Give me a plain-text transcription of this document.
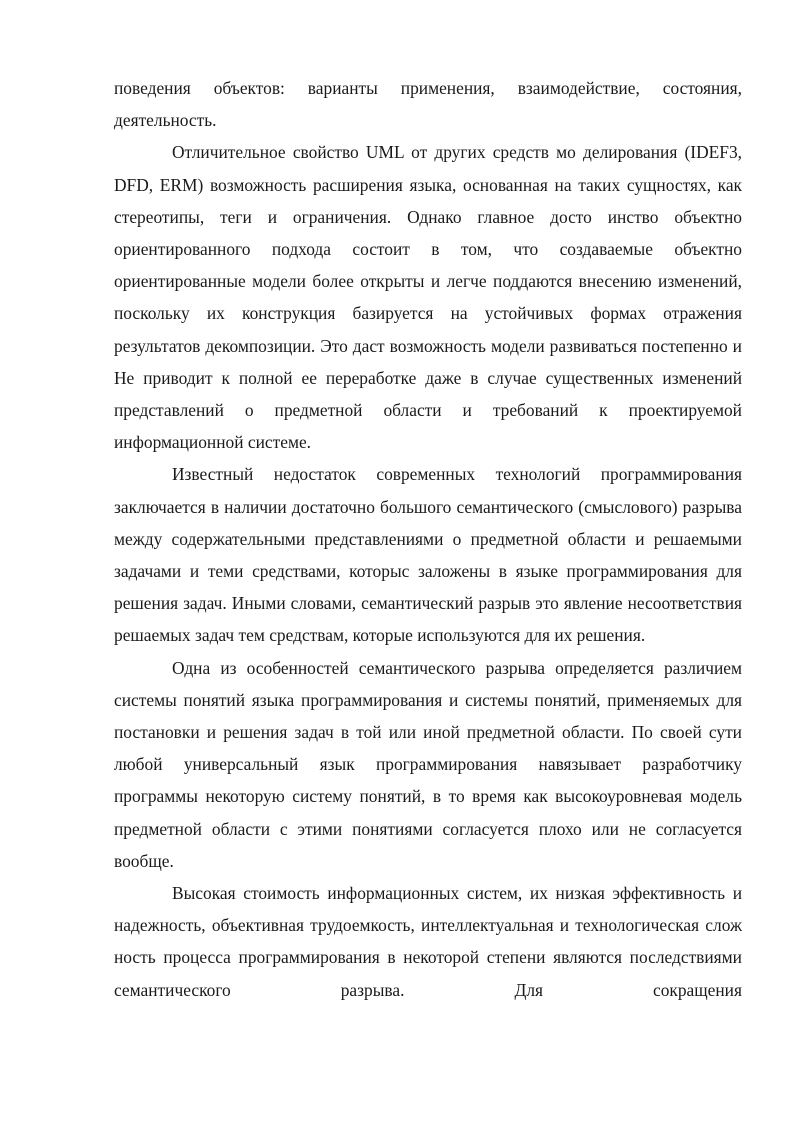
поведения объектов: варианты применения, взаимодействие, состояния, деятельность.

Отличительное свойство UML от других средств мо делирования (IDEF3, DFD, ERM) возможность расширения языка, основанная на таких сущностях, как стереотипы, теги и ограничения. Однако главное досто инство объектно ориентированного подхода состоит в том, что создаваемые объектно ориентированные модели более открыты и легче поддаются внесению изменений, поскольку их конструкция базируется на устойчивых формах отражения результатов декомпозиции. Это даст возможность модели развиваться постепенно и Не приводит к полной ее переработке даже в случае существенных изменений представлений о предметной области и требований к проектируемой информационной системе.

Известный недостаток современных технологий программирования заключается в наличии достаточно большого семантического (смыслового) разрыва между содержательными представлениями о предметной области и решаемыми задачами и теми средствами, которыс заложены в языке программирования для решения задач. Иными словами, семантический разрыв это явление несоответствия решаемых задач тем средствам, которые используются для их решения.

Одна из особенностей семантического разрыва определяется различием системы понятий языка программирования и системы понятий, применяемых для постановки и решения задач в той или иной предметной области. По своей сути любой универсальный язык программирования навязывает разработчику программы некоторую систему понятий, в то время как высокоуровневая модель предметной области с этими понятиями согласуется плохо или не согласуется вообще.

Высокая стоимость информационных систем, их низкая эффективность и надежность, объективная трудоемкость, интеллектуальная и технологическая слож ность процесса программирования в некоторой степени являются последствиями семантического разрыва. Для сокращения
